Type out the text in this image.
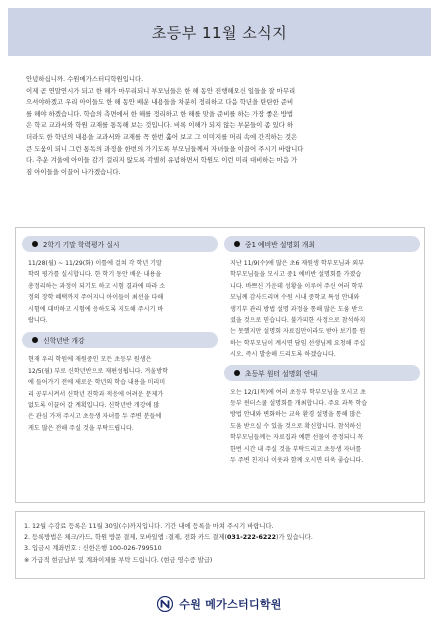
초등부 11월 소식지

안녕하십니까. 수원메가스터디학원입니다.

이제 곧 연말연시가 되고 한 해가 마무리되니 부모님들은 한 해 동안 진행해오신 일들을 잘 마무리

으셔야하겠고 우리 아이들도 한 해 동안 배운 내용들을 차분히 정리하고 다음 학년을 탄탄한 준비

를 해야 하겠습니다. 학습의 측면에서 한 해를 정리하고 한 해를 맞을 준비를 하는 가장 좋은 방법

은 학교 교과서와 학원 교재를 통독해 보는 것입니다. 비록 이해가 되지 않는 부분들이 좀 있다 하

더라도 한 학년의 내용을 교과서와 교재를 꼭 한번 훑어 보고 그 이미지를 머리 속에 간직하는 것은

큰 도움이 되니 그런 통독의 과정을 한번의 가기도록 부모님들께서 자녀들을 이끌어 주시기 바랍니다

다. 추운 겨울에 아이들 감기 걸리지 않도록 각별히 유념하면서 학원도 이런 미리 대비하는 마음 가

짐 아이들을 이끌어 나가겠습니다.

2학기 기말 학력평가 실시
11/28(월) ~ 11/29(화) 이틀에 걸쳐 각 학년 기말
학력 평가를 실시합니다. 한 학기 동안 배운 내용을
총정리하는 과정이 되기도 하고 시험 결과에 따라 소
정의 장학 혜택까지 주어지니 아이들이 최선을 다해
시험에 대비하고 시험에 응하도록 지도해 주시기 바
랍니다.
신학년반 개강
현재 우리 학원에 재원중인 모든 초등부 원생은
12/5(월) 부로 신학년반으로 재편성됩니다. 겨울방학
에 들어가기 전에 새로운 학년의 학습 내용을 미리미
리 공부시켜서 신학년 진학과 적응에 어려운 문제가
없도록 이끌어 갈 계획입니다. 신학년반 개강에 많
은 관심 가져 주시고 초등생 자녀를 두 주변 분들에
게도 많은 전해 주실 것을 부탁드립니다.
중1 예비반 설명회 개최
지난 11/9(수)에 많은 초6 재원생 학부모님과 외부
학부모님들을 모시고 중1 예비반 설명회를 가졌습
니다. 바쁘신 가운데 성황을 이루어 주신 여러 학부
모님께 감사드리며 수원 시내 중학교 특성 안내와
생기부 관리 방법 설명 과정을 통해 많은 도움 받으
셨을 것으로 믿습니다. 불가피한 사정으로 참석하지
는 못했지만 설명회 자료집만이라도 받아 보기를 원
하는 학부모님이 계시면 담임 선생님께 요청해 주십
시오. 즉시 발송해 드리도록 하겠습니다.
초등부 원터 설명회 안내
오는 12/1(목)에 여러 초등부 학부모님을 모시고 초
등부 윈터스쿨 설명회를 개최합니다. 주요 과목 학습
방법 안내와 변화하는 교육 환경 설명을 통해 많은
도움 받으실 수 있을 것으로 확신합니다. 참석하신
학부모님들께는 자료집과 예쁜 선물이 증정되니 꼭
한번 시간 내 주실 것을 부탁드리고 초등생 자녀를
두 주변 친지나 이웃과 함께 오시면 더욱 좋습니다.
1. 12월 수강료 등록은 11월 30일(수)까지입니다. 기간 내에 등록을 마쳐 주시기 바랍니다.
2. 등록방법은 체크/카드, 학원 방문 결제, 모바일앱 :결제, 전화 카드 결제(031-222-6222)가 있습니다.
3. 입금시 계좌번호 : 신한은행 100-026-799510
※ 가급적 현금납부 및 계좌이체를 부탁 드립니다. (현금 영수증 발급)
수원 메가스터디학원
